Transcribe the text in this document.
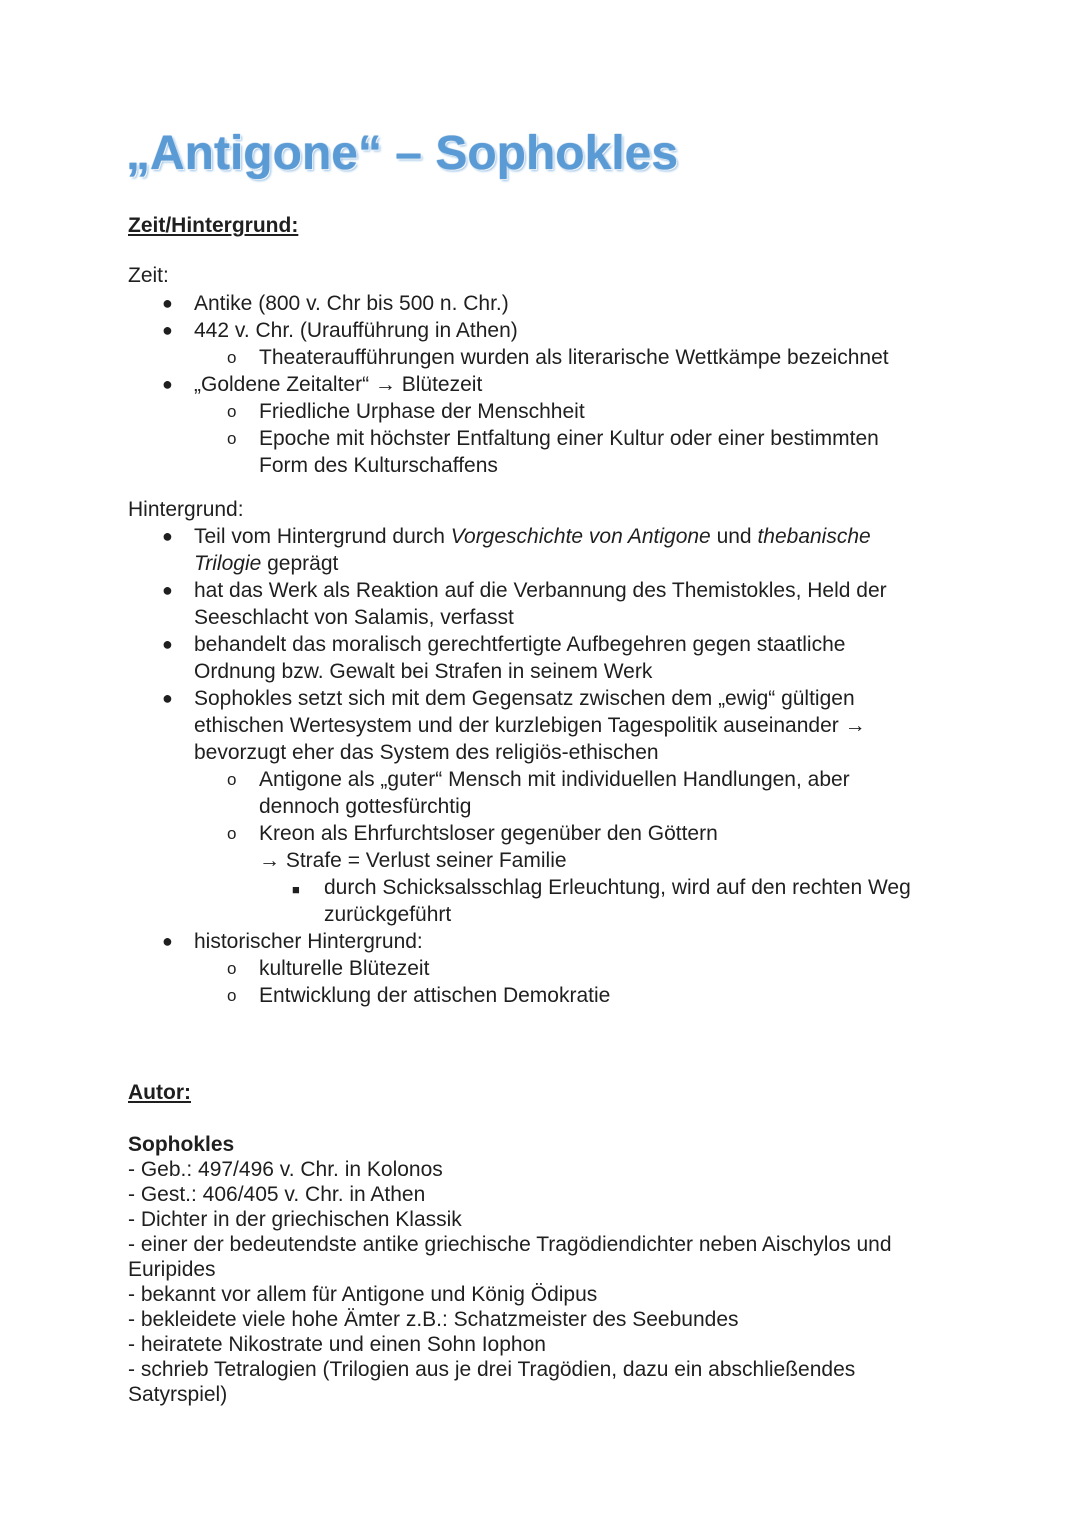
„Antigone“ – Sophokles

Zeit/Hintergrund:

Zeit:

● Antike (800 v. Chr bis 500 n. Chr.)
● 442 v. Chr. (Uraufführung in Athen)
o Theateraufführungen wurden als literarische Wettkämpe bezeichnet
● „Goldene Zeitalter“ → Blütezeit
o Friedliche Urphase der Menschheit
o Epoche mit höchster Entfaltung einer Kultur oder einer bestimmten Form des Kulturschaffens

Hintergrund:

● Teil vom Hintergrund durch Vorgeschichte von Antigone und thebanische Trilogie geprägt
● hat das Werk als Reaktion auf die Verbannung des Themistokles, Held der Seeschlacht von Salamis, verfasst
● behandelt das moralisch gerechtfertigte Aufbegehren gegen staatliche Ordnung bzw. Gewalt bei Strafen in seinem Werk
● Sophokles setzt sich mit dem Gegensatz zwischen dem „ewig“ gültigen ethischen Wertesystem und der kurzlebigen Tagespolitik auseinander → bevorzugt eher das System des religiös-ethischen
o Antigone als „guter“ Mensch mit individuellen Handlungen, aber dennoch gottesfürchtig
o Kreon als Ehrfurchtsloser gegenüber den Göttern
→ Strafe = Verlust seiner Familie
■ durch Schicksalsschlag Erleuchtung, wird auf den rechten Weg zurückgeführt
● historischer Hintergrund:
o kulturelle Blütezeit
o Entwicklung der attischen Demokratie

Autor:

Sophokles
- Geb.: 497/496 v. Chr. in Kolonos
- Gest.: 406/405 v. Chr. in Athen
- Dichter in der griechischen Klassik
- einer der bedeutendste antike griechische Tragödiendichter neben Aischylos und Euripides
- bekannt vor allem für Antigone und König Ödipus
- bekleidete viele hohe Ämter z.B.: Schatzmeister des Seebundes
- heiratete Nikostrate und einen Sohn Iophon
- schrieb Tetralogien (Trilogien aus je drei Tragödien, dazu ein abschließendes Satyrspiel)
